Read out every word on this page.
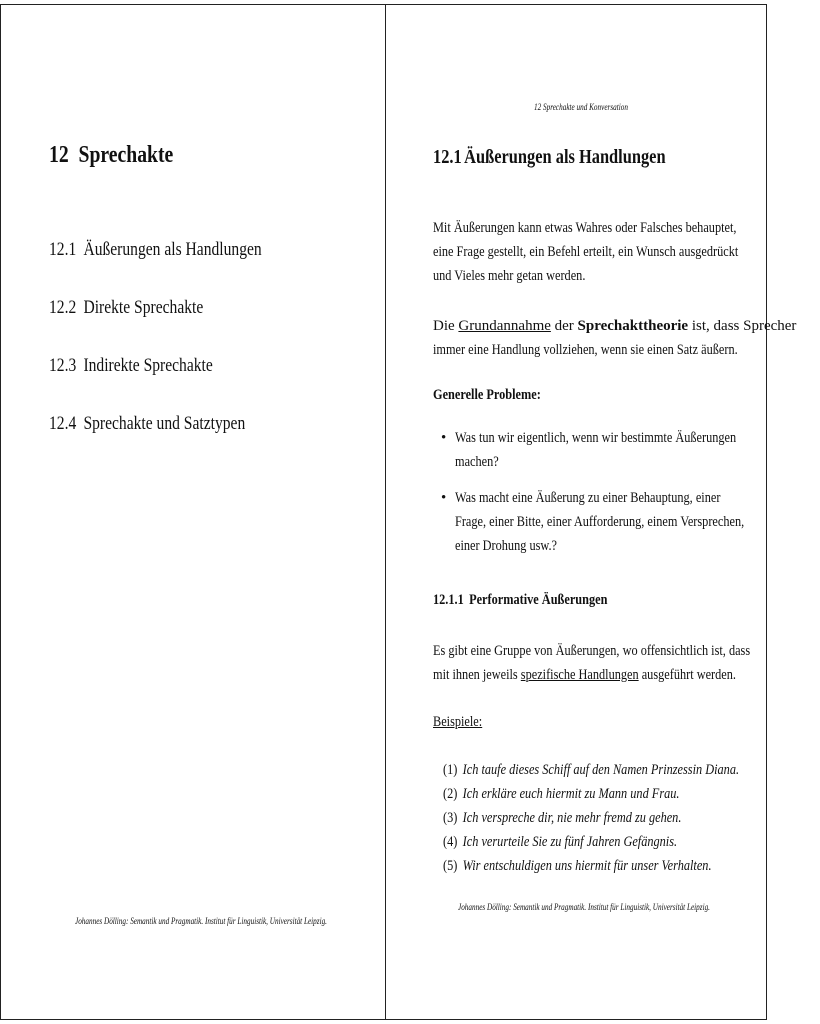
12 Sprechakte
12.1 Äußerungen als Handlungen
12.2 Direkte Sprechakte
12.3 Indirekte Sprechakte
12.4 Sprechakte und Satztypen
Johannes Dölling: Semantik und Pragmatik. Institut für Linguistik, Universität Leipzig.
12 Sprechakte und Konversation
12.1 Äußerungen als Handlungen
Mit Äußerungen kann etwas Wahres oder Falsches behauptet,
eine Frage gestellt, ein Befehl erteilt, ein Wunsch ausgedrückt
und Vieles mehr getan werden.
Die Grundannahme der Sprechakttheorie ist, dass Sprecher
immer eine Handlung vollziehen, wenn sie einen Satz äußern.
Generelle Probleme:
• Was tun wir eigentlich, wenn wir bestimmte Äußerungen
machen?
• Was macht eine Äußerung zu einer Behauptung, einer
Frage, einer Bitte, einer Aufforderung, einem Versprechen,
einer Drohung usw.?
12.1.1 Performative Äußerungen
Es gibt eine Gruppe von Äußerungen, wo offensichtlich ist, dass
mit ihnen jeweils spezifische Handlungen ausgeführt werden.
Beispiele:
(1) Ich taufe dieses Schiff auf den Namen Prinzessin Diana.
(2) Ich erkläre euch hiermit zu Mann und Frau.
(3) Ich verspreche dir, nie mehr fremd zu gehen.
(4) Ich verurteile Sie zu fünf Jahren Gefängnis.
(5) Wir entschuldigen uns hiermit für unser Verhalten.
Johannes Dölling: Semantik und Pragmatik. Institut für Linguistik, Universität Leipzig.
